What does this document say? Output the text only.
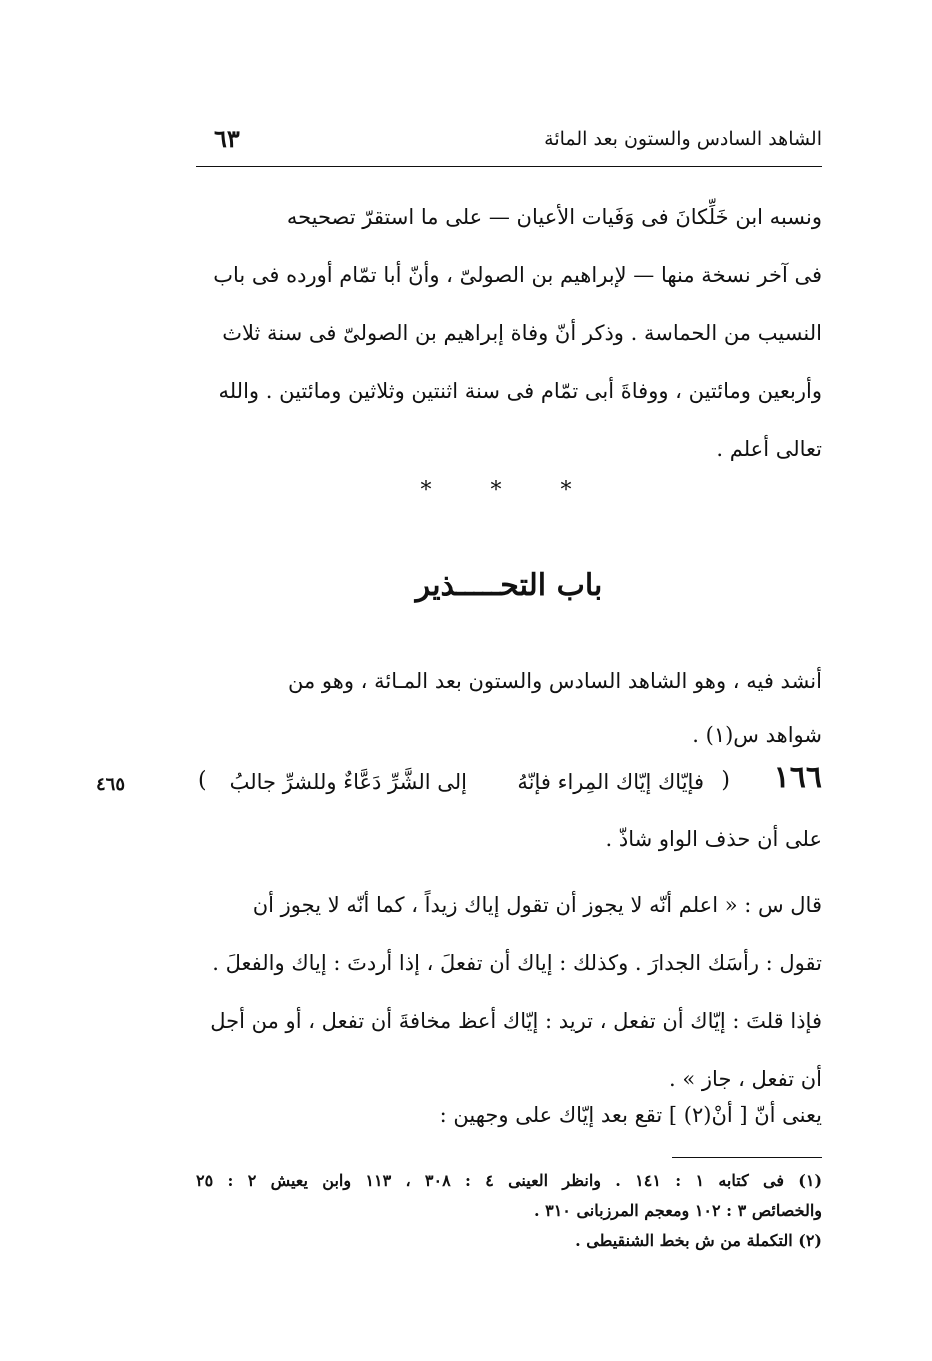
الشاهد السادس والستون بعد المائة
٦٣
ونسبه ابن خَلِّكانَ فى وَفَيات الأعيان — على ما استقرّ تصحيحه
فى آخر نسخة منها — لإبراهيم بن الصولىّ ، وأنّ أبا تمّام أورده فى باب
النسيب من الحماسة . وذكر أنّ وفاة إبراهيم بن الصولىّ فى سنة ثلاث
وأربعين ومائتين ، ووفاةَ أبى تمّام فى سنة اثنتين وثلاثين ومائتين . والله
تعالى أعلم .
* * *
باب التحـــــذير
أنشد فيه ، وهو الشاهد السادس والستون بعد المـائة ، وهو من
شواهد س(١) .
١٦٦
(
فإيّاك إيّاك المِراء فإنّهُ
إلى الشَّرِّ دَعَّاءٌ وللشرِّ جالبُ
)
٤٦٥
على أن حذف الواو شاذّ .
قال س : « اعلم أنّه لا يجوز أن تقول إياك زيداً ، كما أنّه لا يجوز أن
تقول : رأسَك الجدارَ . وكذلك : إياك أن تفعلَ ، إذا أردتَ : إياك والفعلَ .
فإذا قلتَ : إيّاك أن تفعل ، تريد : إيّاك أعظ مخافةَ أن تفعل ، أو من أجل
أن تفعل ، جاز » .
يعنى أنّ [ أنْ(٢) ] تقع بعد إيّاك على وجهين :
(١) فى كتابه ١ : ١٤١ . وانظر العينى ٤ : ٣٠٨ ، ١١٣ وابن يعيش ٢ : ٢٥
والخصائص ٣ : ١٠٢ ومعجم المرزبانى ٣١٠ .
(٢) التكملة من ش بخط الشنقيطى .
